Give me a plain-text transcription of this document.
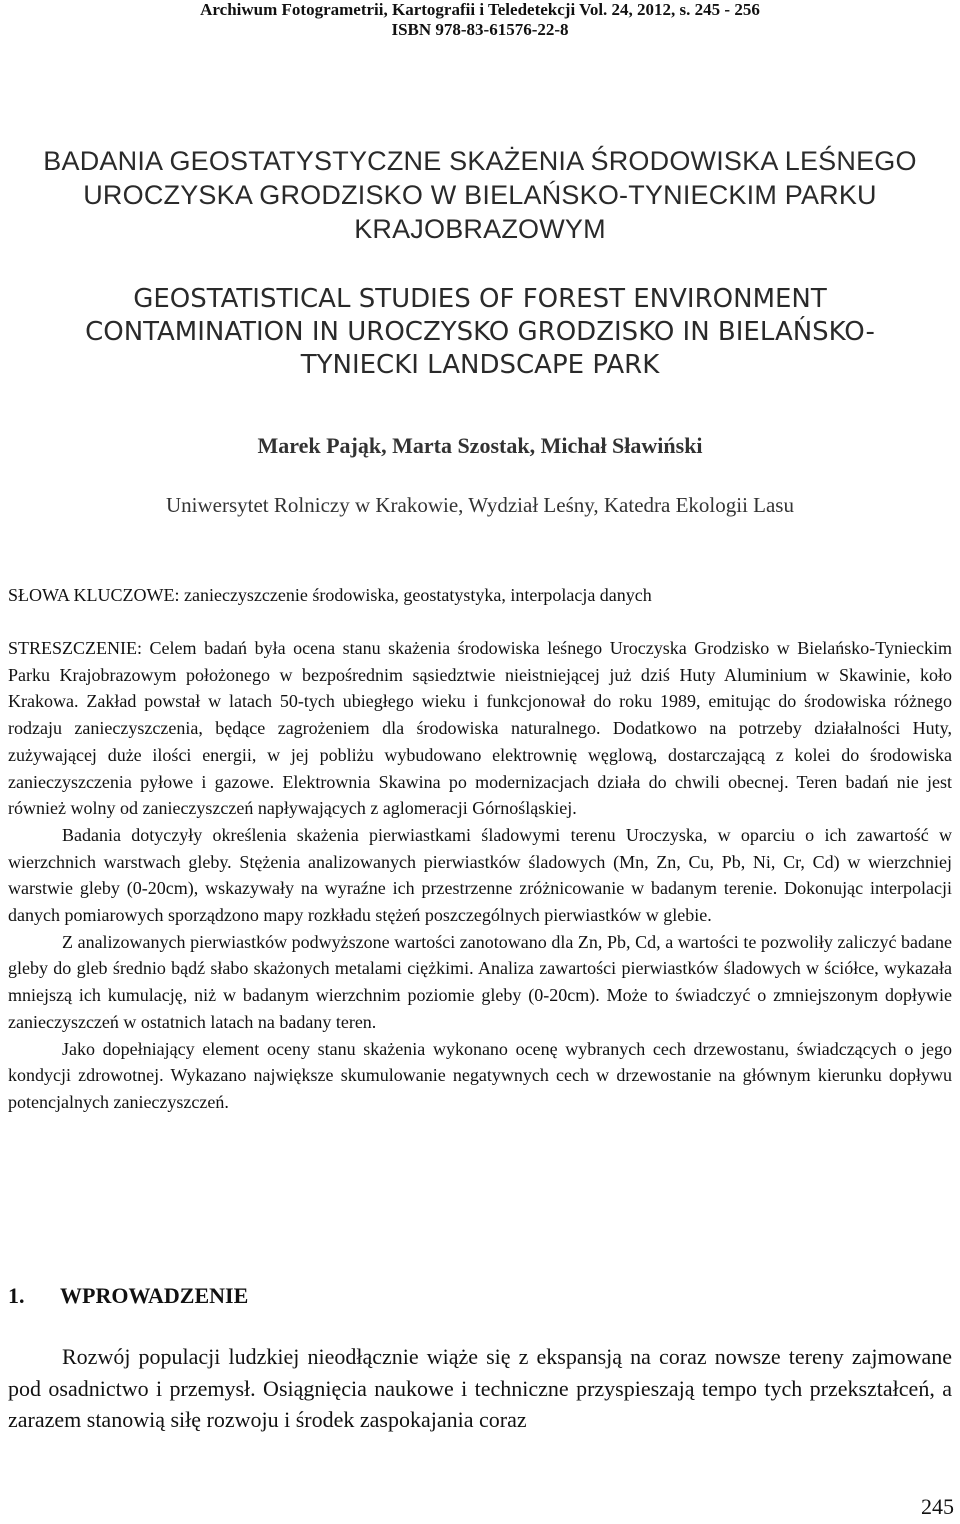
Archiwum Fotogrametrii, Kartografii i Teledetekcji Vol. 24, 2012, s. 245 - 256
ISBN 978-83-61576-22-8
BADANIA GEOSTATYSTYCZNE SKAŻENIA ŚRODOWISKA LEŚNEGO
UROCZYSKA GRODZISKO W BIELAŃSKO-TYNIECKIM PARKU
KRAJOBRAZOWYM
GEOSTATISTICAL STUDIES OF FOREST ENVIRONMENT
CONTAMINATION IN UROCZYSKO GRODZISKO IN BIELAŃSKO-
TYNIECKI LANDSCAPE PARK
Marek Pająk, Marta Szostak, Michał Sławiński
Uniwersytet Rolniczy w Krakowie, Wydział Leśny, Katedra Ekologii Lasu
SŁOWA KLUCZOWE: zanieczyszczenie środowiska, geostatystyka, interpolacja danych

STRESZCZENIE: Celem badań była ocena stanu skażenia środowiska leśnego Uroczyska Grodzisko w Bielańsko-Tynieckim Parku Krajobrazowym położonego w bezpośrednim sąsiedztwie nieistniejącej już dziś Huty Aluminium w Skawinie, koło Krakowa. Zakład powstał w latach 50-tych ubiegłego wieku i funkcjonował do roku 1989, emitując do środowiska różnego rodzaju zanieczyszczenia, będące zagrożeniem dla środowiska naturalnego. Dodatkowo na potrzeby działalności Huty, zużywającej duże ilości energii, w jej pobliżu wybudowano elektrownię węglową, dostarczającą z kolei do środowiska zanieczyszczenia pyłowe i gazowe. Elektrownia Skawina po modernizacjach działa do chwili obecnej. Teren badań nie jest również wolny od zanieczyszczeń napływających z aglomeracji Górnośląskiej.

Badania dotyczyły określenia skażenia pierwiastkami śladowymi terenu Uroczyska, w oparciu o ich zawartość w wierzchnich warstwach gleby. Stężenia analizowanych pierwiastków śladowych (Mn, Zn, Cu, Pb, Ni, Cr, Cd) w wierzchniej warstwie gleby (0-20cm), wskazywały na wyraźne ich przestrzenne zróżnicowanie w badanym terenie. Dokonując interpolacji danych pomiarowych sporządzono mapy rozkładu stężeń poszczególnych pierwiastków w glebie.

Z analizowanych pierwiastków podwyższone wartości zanotowano dla Zn, Pb, Cd, a wartości te pozwoliły zaliczyć badane gleby do gleb średnio bądź słabo skażonych metalami ciężkimi. Analiza zawartości pierwiastków śladowych w ściółce, wykazała mniejszą ich kumulację, niż w badanym wierzchnim poziomie gleby (0-20cm). Może to świadczyć o zmniejszonym dopływie zanieczyszczeń w ostatnich latach na badany teren.

Jako dopełniający element oceny stanu skażenia wykonano ocenę wybranych cech drzewostanu, świadczących o jego kondycji zdrowotnej. Wykazano największe skumulowanie negatywnych cech w drzewostanie na głównym kierunku dopływu potencjalnych zanieczyszczeń.

1. WPROWADZENIE

Rozwój populacji ludzkiej nieodłącznie wiąże się z ekspansją na coraz nowsze tereny zajmowane pod osadnictwo i przemysł. Osiągnięcia naukowe i techniczne przyspieszają tempo tych przekształceń, a zarazem stanowią siłę rozwoju i środek zaspokajania coraz

245
